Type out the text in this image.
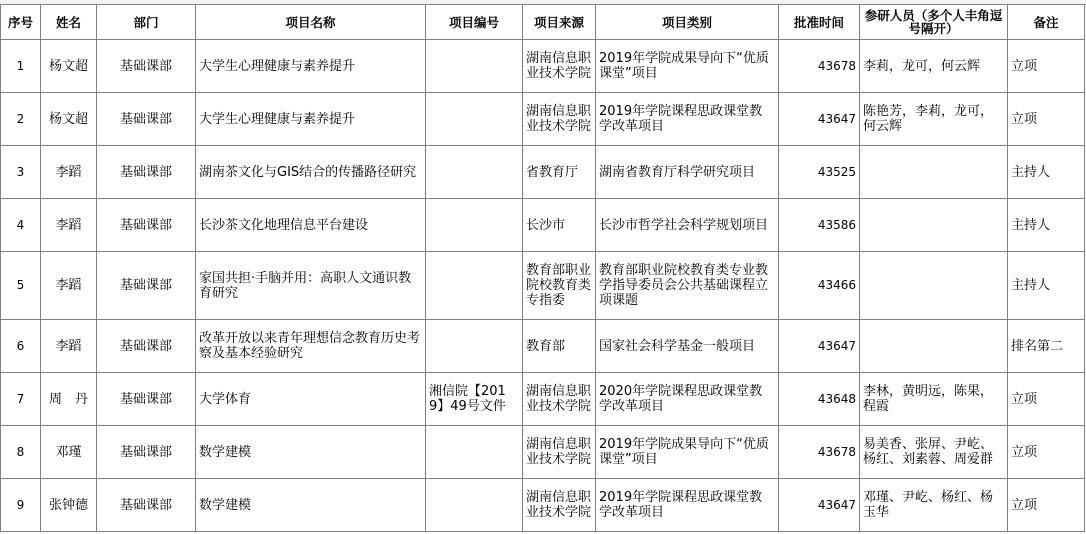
序号	姓名	部门	项目名称	项目编号	项目来源	项目类别	批准时间	参研人员（多个人丰角逗号隔开）	备注
1	杨文超	基础课部	大学生心理健康与素养提升		湖南信息职业技术学院	2019年学院成果导向下“优质课堂”项目	43678	李莉，龙可，何云辉	立项
2	杨文超	基础课部	大学生心理健康与素养提升		湖南信息职业技术学院	2019年学院课程思政课堂教学改革项目	43647	陈艳芳，李莉，龙可，何云辉	立项
3	李蹈	基础课部	湖南茶文化与GIS结合的传播路径研究		省教育厅	湖南省教育厅科学研究项目	43525		主持人
4	李蹈	基础课部	长沙茶文化地理信息平台建设		长沙市	长沙市哲学社会科学规划项目	43586		主持人
5	李蹈	基础课部	家国共担·手脑并用：高职人文通识教育研究		教育部职业院校教育类专指委	教育部职业院校教育类专业教学指导委员会公共基础课程立项课题	43466		主持人
6	李蹈	基础课部	改革开放以来青年理想信念教育历史考察及基本经验研究		教育部	国家社会科学基金一般项目	43647		排名第二
7	周　丹	基础课部	大学体育	湘信院【2019】49号文件	湖南信息职业技术学院	2020年学院课程思政课堂教学改革项目	43648	李林，黄明远，陈果，程霞	立项
8	邓瑾	基础课部	数学建模		湖南信息职业技术学院	2019年学院成果导向下“优质课堂”项目	43678	易美香、张屏、尹屹、杨红、刘素蓉、周爱群	立项
9	张钟德	基础课部	数学建模		湖南信息职业技术学院	2019年学院课程思政课堂教学改革项目	43647	邓瑾、尹屹、杨红、杨玉华	立项
